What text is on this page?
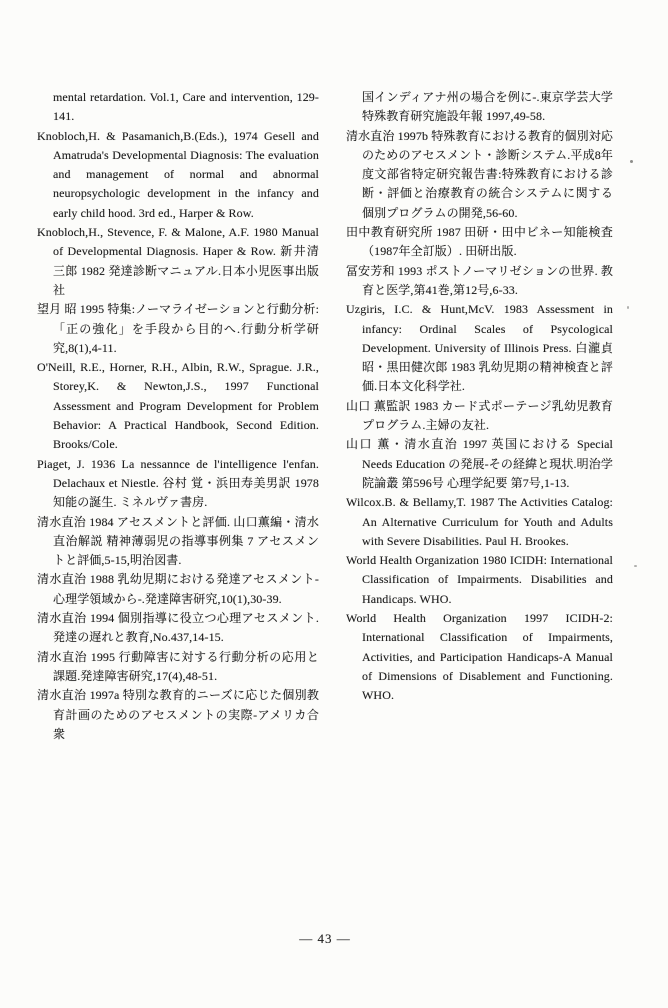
mental retardation. Vol.1, Care and intervention, 129-141.

Knobloch,H. & Pasamanich,B.(Eds.), 1974 Gesell and Amatruda's Developmental Diagnosis: The evaluation and management of normal and abnormal neuropsychologic development in the infancy and early child hood. 3rd ed., Harper & Row.

Knobloch,H., Stevence, F. & Malone, A.F. 1980 Manual of Developmental Diagnosis. Haper & Row. 新井清三郎 1982 発達診断マニュアル.日本小児医事出版社

望月 昭 1995 特集:ノーマライゼーションと行動分析:「正の強化」を手段から目的へ.行動分析学研究,8(1),4-11.

O'Neill, R.E., Horner, R.H., Albin, R.W., Sprague. J.R., Storey,K. & Newton,J.S., 1997 Functional Assessment and Program Development for Problem Behavior: A Practical Handbook, Second Edition. Brooks/Cole.

Piaget, J. 1936 La nessannce de l'intelligence l'enfan. Delachaux et Niestle. 谷村 覚・浜田寿美男訳 1978 知能の誕生. ミネルヴァ書房.

清水直治 1984 アセスメントと評価. 山口薫編・清水直治解説 精神薄弱児の指導事例集 7 アセスメントと評価,5-15,明治図書.

清水直治 1988 乳幼児期における発達アセスメント-心理学領域から-.発達障害研究,10(1),30-39.

清水直治 1994 個別指導に役立つ心理アセスメント.発達の遅れと教育,No.437,14-15.

清水直治 1995 行動障害に対する行動分析の応用と課題.発達障害研究,17(4),48-51.

清水直治 1997a 特別な教育的ニーズに応じた個別教育計画のためのアセスメントの実際-アメリカ合衆

国インディアナ州の場合を例に-.東京学芸大学特殊教育研究施設年報 1997,49-58.

清水直治 1997b 特殊教育における教育的個別対応のためのアセスメント・診断システム.平成8年度文部省特定研究報告書:特殊教育における診断・評価と治療教育の統合システムに関する個別プログラムの開発,56-60.

田中教育研究所 1987 田研・田中ビネー知能検査（1987年全訂版）. 田研出版.

冨安芳和 1993 ポストノーマリゼションの世界. 教育と医学,第41巻,第12号,6-33.

Uzgiris, I.C. & Hunt,McV. 1983 Assessment in infancy: Ordinal Scales of Psycological Development. University of Illinois Press. 白瀧貞昭・黒田健次郎 1983 乳幼児期の精神検査と評価.日本文化科学社.

山口 薫監訳 1983 カード式ポーテージ乳幼児教育プログラム.主婦の友社.

山口 薫・清水直治 1997 英国における Special Needs Education の発展-その経緯と現状.明治学院論叢 第596号 心理学紀要 第7号,1-13.

Wilcox.B. & Bellamy,T. 1987 The Activities Catalog: An Alternative Curriculum for Youth and Adults with Severe Disabilities. Paul H. Brookes.

World Health Organization 1980 ICIDH: International Classification of Impairments. Disabilities and Handicaps. WHO.

World Health Organization 1997 ICIDH-2: International Classification of Impairments, Activities, and Participation Handicaps-A Manual of Dimensions of Disablement and Functioning. WHO.

— 43 —
